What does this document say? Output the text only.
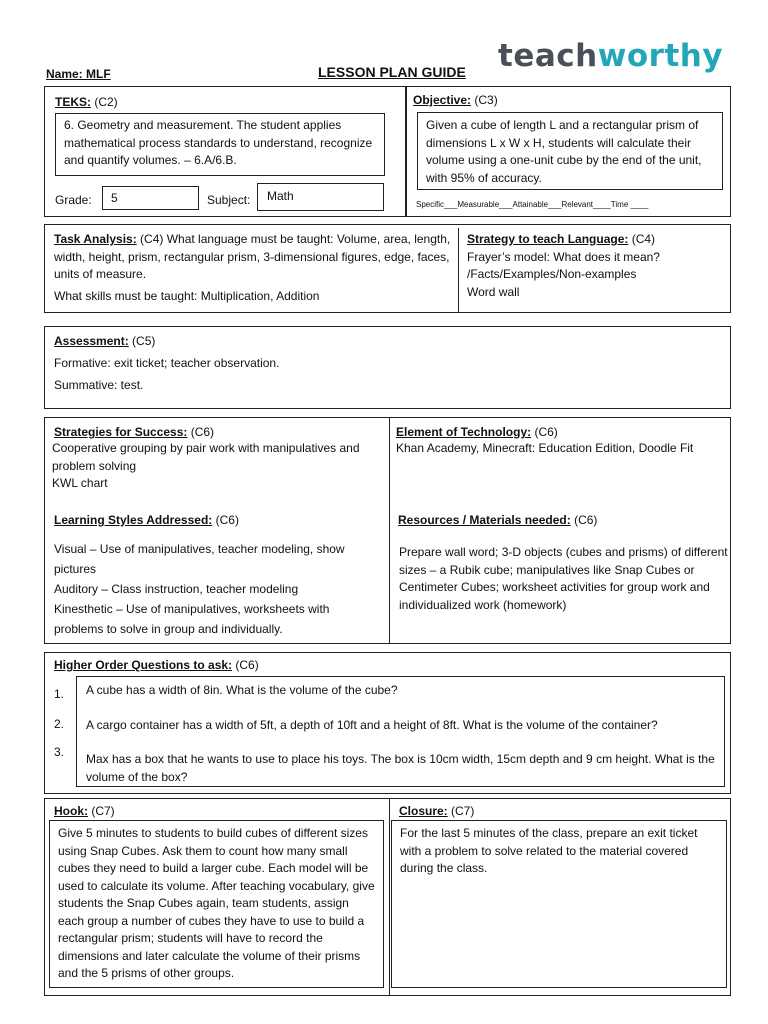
teachworthy
Name: MLF	LESSON PLAN GUIDE
TEKS: (C2)
6. Geometry and measurement. The student applies mathematical process standards to understand, recognize and quantify volumes. – 6.A/6.B.
Grade:	5	Subject:	Math
Objective: (C3)
Given a cube of length L and a rectangular prism of dimensions L x W x H, students will calculate their volume using a one-unit cube by the end of the unit, with 95% of accuracy.
Specific___Measurable___Attainable___Relevant____Time ____
Task Analysis: (C4) What language must be taught: Volume, area, length, width, height, prism, rectangular prism, 3-dimensional figures, edge, faces, units of measure.
What skills must be taught: Multiplication, Addition
Strategy to teach Language: (C4)
Frayer’s model: What does it mean? /Facts/Examples/Non-examples
Word wall
Assessment: (C5)
Formative: exit ticket; teacher observation.
Summative: test.
Strategies for Success: (C6)
Cooperative grouping by pair work with manipulatives and problem solving
KWL chart
Element of Technology: (C6)
Khan Academy, Minecraft: Education Edition, Doodle Fit
Learning Styles Addressed: (C6)
Visual – Use of manipulatives, teacher modeling, show pictures
Auditory – Class instruction, teacher modeling
Kinesthetic – Use of manipulatives, worksheets with problems to solve in group and individually.
Resources / Materials needed: (C6)
Prepare wall word; 3-D objects (cubes and prisms) of different sizes – a Rubik cube; manipulatives like Snap Cubes or Centimeter Cubes; worksheet activities for group work and individualized work (homework)
Higher Order Questions to ask: (C6)
1.
2.
3.
A cube has a width of 8in. What is the volume of the cube?
A cargo container has a width of 5ft, a depth of 10ft and a height of 8ft. What is the volume of the container?
Max has a box that he wants to use to place his toys. The box is 10cm width, 15cm depth and 9 cm height. What is the volume of the box?
Hook: (C7)
Give 5 minutes to students to build cubes of different sizes using Snap Cubes. Ask them to count how many small cubes they need to build a larger cube. Each model will be used to calculate its volume. After teaching vocabulary, give students the Snap Cubes again, team students, assign each group a number of cubes they have to use to build a rectangular prism; students will have to record the dimensions and later calculate the volume of their prisms and the 5 prisms of other groups.
Closure: (C7)
For the last 5 minutes of the class, prepare an exit ticket with a problem to solve related to the material covered during the class.
